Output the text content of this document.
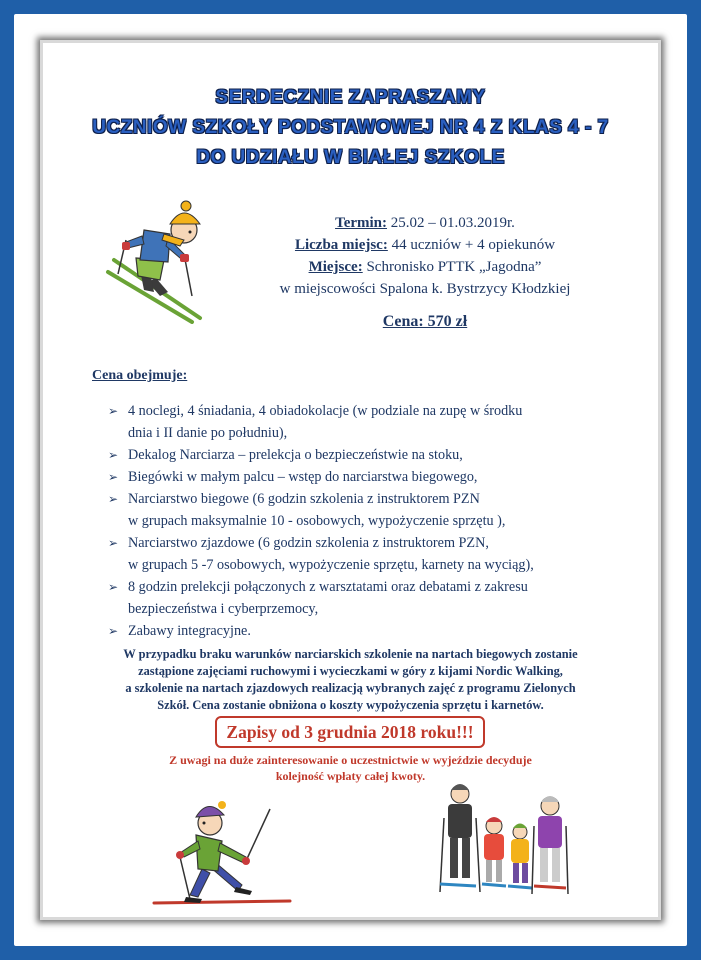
SERDECZNIE ZAPRASZAMY
UCZNIÓW SZKOŁY PODSTAWOWEJ NR 4 Z KLAS 4 - 7
DO UDZIAŁU W BIAŁEJ SZKOLE
Termin: 25.02 – 01.03.2019r.
Liczba miejsc: 44 uczniów + 4 opiekunów
Miejsce: Schronisko PTTK „Jagodna”
w miejscowości Spalona k. Bystrzycy Kłodzkiej
Cena: 570 zł
Cena obejmuje:
➢ 4 noclegi, 4 śniadania, 4 obiadokolacje (w podziale na zupę w środku
dnia i II danie po południu),
➢ Dekalog Narciarza – prelekcja o bezpieczeństwie na stoku,
➢ Biegówki w małym palcu – wstęp do narciarstwa biegowego,
➢ Narciarstwo biegowe (6 godzin szkolenia z instruktorem PZN
w grupach maksymalnie 10 - osobowych, wypożyczenie sprzętu ),
➢ Narciarstwo zjazdowe (6 godzin szkolenia z instruktorem PZN,
w grupach 5 -7 osobowych, wypożyczenie sprzętu, karnety na wyciąg),
➢ 8 godzin prelekcji połączonych z warsztatami oraz debatami z zakresu
bezpieczeństwa i cyberprzemocy,
➢ Zabawy integracyjne.
W przypadku braku warunków narciarskich szkolenie na nartach biegowych zostanie
zastąpione zajęciami ruchowymi i wycieczkami w góry z kijami Nordic Walking,
a szkolenie na nartach zjazdowych realizacją wybranych zajęć z programu Zielonych
Szkół. Cena zostanie obniżona o koszty wypożyczenia sprzętu i karnetów.
Zapisy od 3 grudnia 2018 roku!!!
Z uwagi na duże zainteresowanie o uczestnictwie w wyjeździe decyduje
kolejność wpłaty całej kwoty.
